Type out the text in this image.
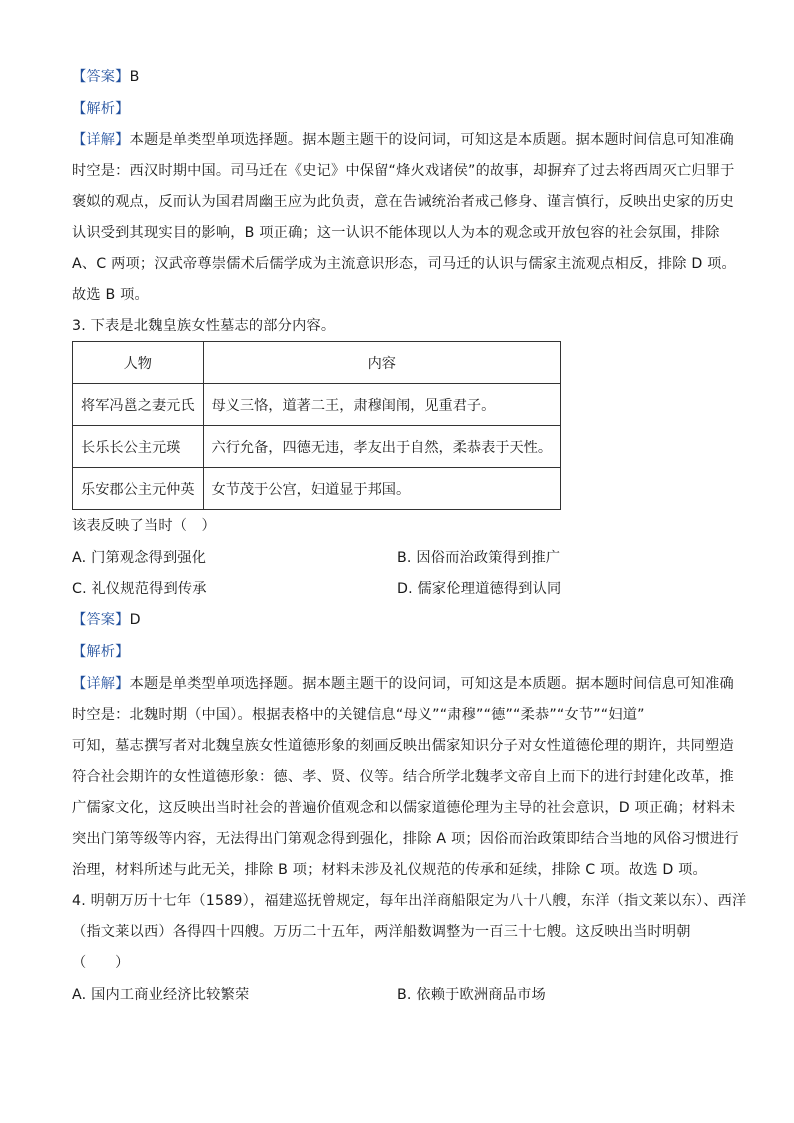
【答案】B
【解析】
【详解】本题是单类型单项选择题。据本题主题干的设问词，可知这是本质题。据本题时间信息可知准确
时空是：西汉时期中国。司马迁在《史记》中保留“烽火戏诸侯”的故事，却摒弃了过去将西周灭亡归罪于
褒姒的观点，反而认为国君周幽王应为此负责，意在告诫统治者戒己修身、谨言慎行，反映出史家的历史
认识受到其现实目的影响，B 项正确；这一认识不能体现以人为本的观念或开放包容的社会氛围，排除
A、C 两项；汉武帝尊崇儒术后儒学成为主流意识形态，司马迁的认识与儒家主流观点相反，排除 D 项。
故选 B 项。
3. 下表是北魏皇族女性墓志的部分内容。
人物	内容
将军冯邕之妻元氏	母义三恪，道著二王，肃穆闺闱，见重君子。
长乐长公主元瑛	六行允备，四德无违，孝友出于自然，柔恭表于天性。
乐安郡公主元仲英	女节茂于公宫，妇道显于邦国。
该表反映了当时（　）
A. 门第观念得到强化	B. 因俗而治政策得到推广
C. 礼仪规范得到传承	D. 儒家伦理道德得到认同
【答案】D
【解析】
【详解】本题是单类型单项选择题。据本题主题干的设问词，可知这是本质题。据本题时间信息可知准确
时空是：北魏时期（中国）。根据表格中的关键信息“母义”“肃穆”“德”“柔恭”“女节”“妇道”
可知，墓志撰写者对北魏皇族女性道德形象的刻画反映出儒家知识分子对女性道德伦理的期许，共同塑造
符合社会期许的女性道德形象：德、孝、贤、仪等。结合所学北魏孝文帝自上而下的进行封建化改革，推
广儒家文化，这反映出当时社会的普遍价值观念和以儒家道德伦理为主导的社会意识，D 项正确；材料未
突出门第等级等内容，无法得出门第观念得到强化，排除 A 项；因俗而治政策即结合当地的风俗习惯进行
治理，材料所述与此无关，排除 B 项；材料未涉及礼仪规范的传承和延续，排除 C 项。故选 D 项。
4. 明朝万历十七年（1589），福建巡抚曾规定，每年出洋商船限定为八十八艘，东洋（指文莱以东）、西洋
（指文莱以西）各得四十四艘。万历二十五年，两洋船数调整为一百三十七艘。这反映出当时明朝
（　　）
A. 国内工商业经济比较繁荣	B. 依赖于欧洲商品市场
